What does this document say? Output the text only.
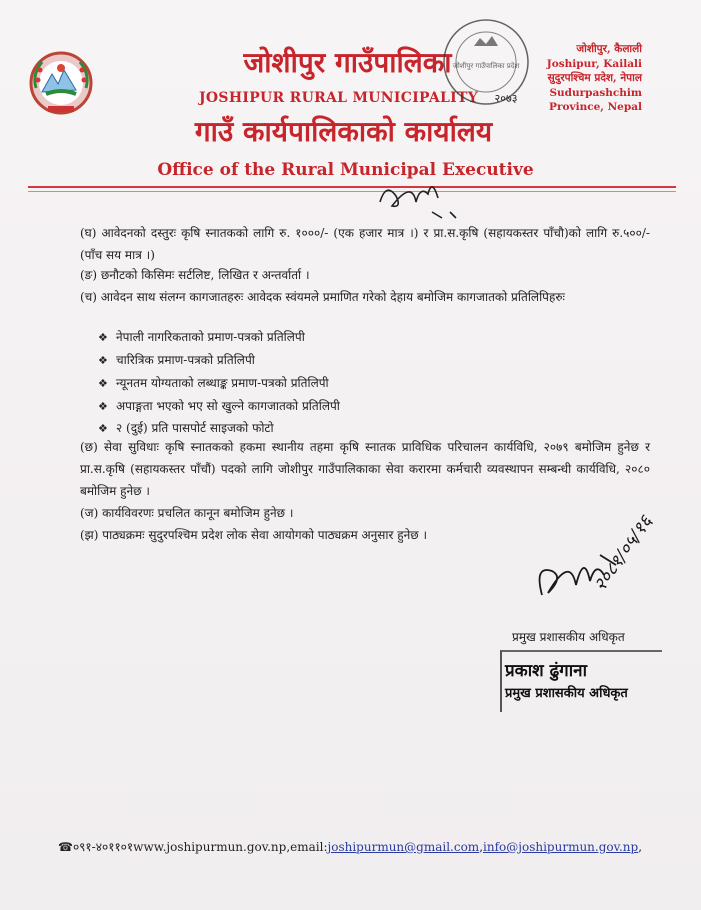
जोशीपुर गाउँपालिका
JOSHIPUR RURAL MUNICIPALITY
गाउँ कार्यपालिकाको कार्यालय
Office of the Rural Municipal Executive
जोशीपुर गाउँपालिका प्रदेश
२०७३
जोशीपुर, कैलाली
Joshipur, Kailali
सुदुरपश्चिम प्रदेश, नेपाल
Sudurpashchim
Province, Nepal
(घ) आवेदनको दस्तुरः कृषि स्नातकको लागि रु. १०००/- (एक हजार मात्र ।) र प्रा.स.कृषि (सहायकस्तर पाँचौ)को लागि रु.५००/- (पाँच सय मात्र ।)
(ङ) छनौटको किसिमः सर्टलिष्ट, लिखित र अन्तर्वार्ता ।
(च) आवेदन साथ संलग्न कागजातहरुः आवेदक स्वंयमले प्रमाणित गरेको देहाय बमोजिम कागजातको प्रतिलिपिहरुः
❖ नेपाली नागरिकताको प्रमाण-पत्रको प्रतिलिपी
❖ चारित्रिक प्रमाण-पत्रको प्रतिलिपी
❖ न्यूनतम योग्यताको लब्धाङ्क प्रमाण-पत्रको प्रतिलिपी
❖ अपाङ्गता भएको भए सो खुल्ने कागजातको प्रतिलिपी
❖ २ (दुई) प्रति पासपोर्ट साइजको फोटो
(छ) सेवा सुविधाः कृषि स्नातकको हकमा स्थानीय तहमा कृषि स्नातक प्राविधिक परिचालन कार्यविधि, २०७९ बमोजिम हुनेछ र प्रा.स.कृषि (सहायकस्तर पाँचौं) पदको लागि जोशीपुर गाउँपालिकाका सेवा करारमा कर्मचारी व्यवस्थापन सम्बन्धी कार्यविधि, २०८० बमोजिम हुनेछ ।
(ज) कार्यविवरणः प्रचलित कानून बमोजिम हुनेछ ।
(झ) पाठ्यक्रमः सुदुरपश्चिम प्रदेश लोक सेवा आयोगको पाठ्यक्रम अनुसार हुनेछ ।	२०८१/०५/१६
प्रमुख प्रशासकीय अधिकृत
प्रकाश ढुंगाना
प्रमुख प्रशासकीय अधिकृत
☎०९१-४०११०१www.joshipurmun.gov.np,email:joshipurmun@gmail.com,info@joshipurmun.gov.np,
